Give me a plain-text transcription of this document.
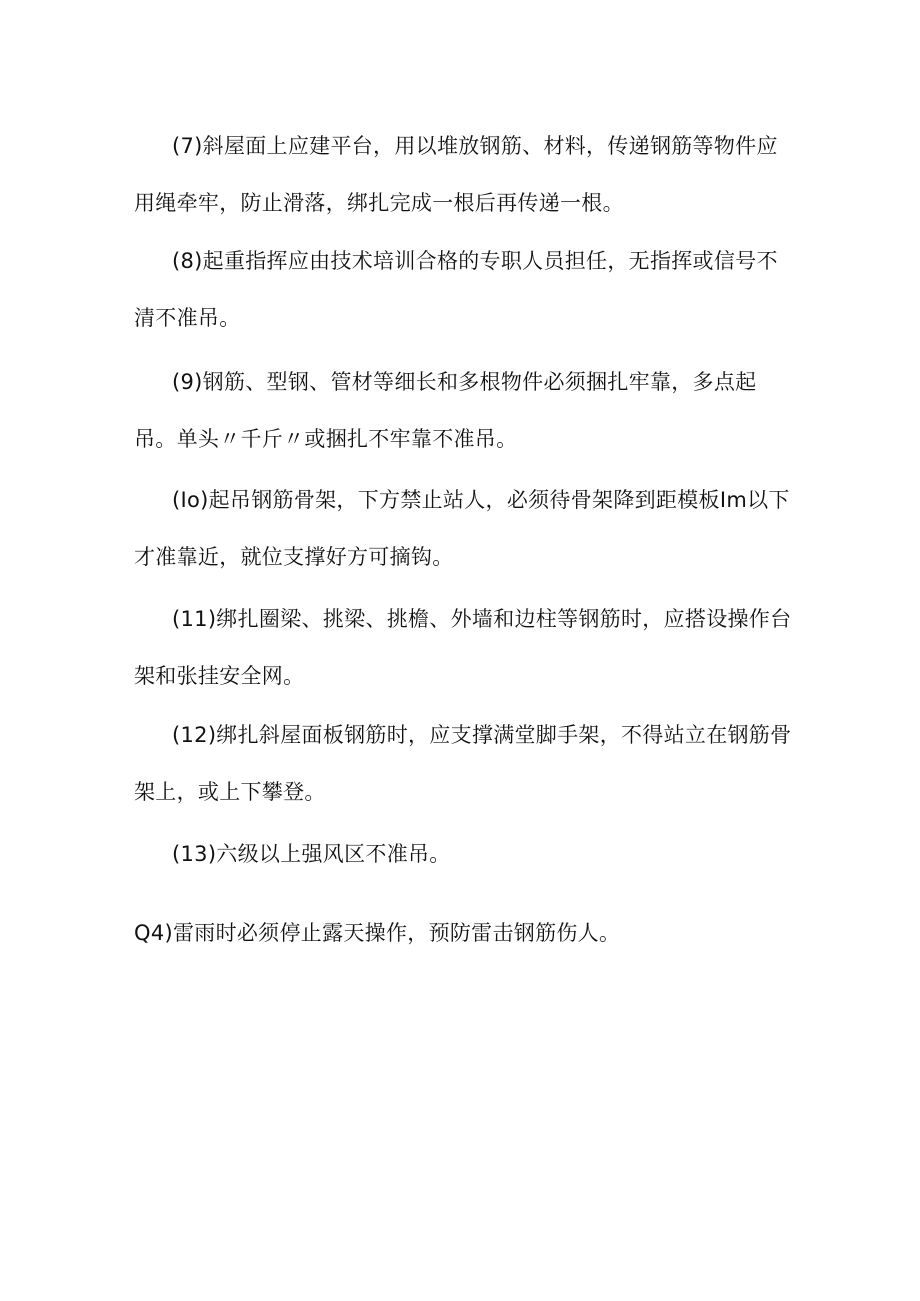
(7)斜屋面上应建平台，用以堆放钢筋、材料，传递钢筋等物件应用绳牵牢，防止滑落，绑扎完成一根后再传递一根。

(8)起重指挥应由技术培训合格的专职人员担任，无指挥或信号不清不准吊。

(9)钢筋、型钢、管材等细长和多根物件必须捆扎牢靠，多点起吊。单头〃千斤〃或捆扎不牢靠不准吊。

(Io)起吊钢筋骨架，下方禁止站人，必须待骨架降到距模板Im以下才准靠近，就位支撑好方可摘钩。

(11)绑扎圈梁、挑梁、挑檐、外墙和边柱等钢筋时，应搭设操作台架和张挂安全网。

(12)绑扎斜屋面板钢筋时，应支撑满堂脚手架，不得站立在钢筋骨架上，或上下攀登。

(13)六级以上强风区不准吊。

Q4)雷雨时必须停止露天操作，预防雷击钢筋伤人。
